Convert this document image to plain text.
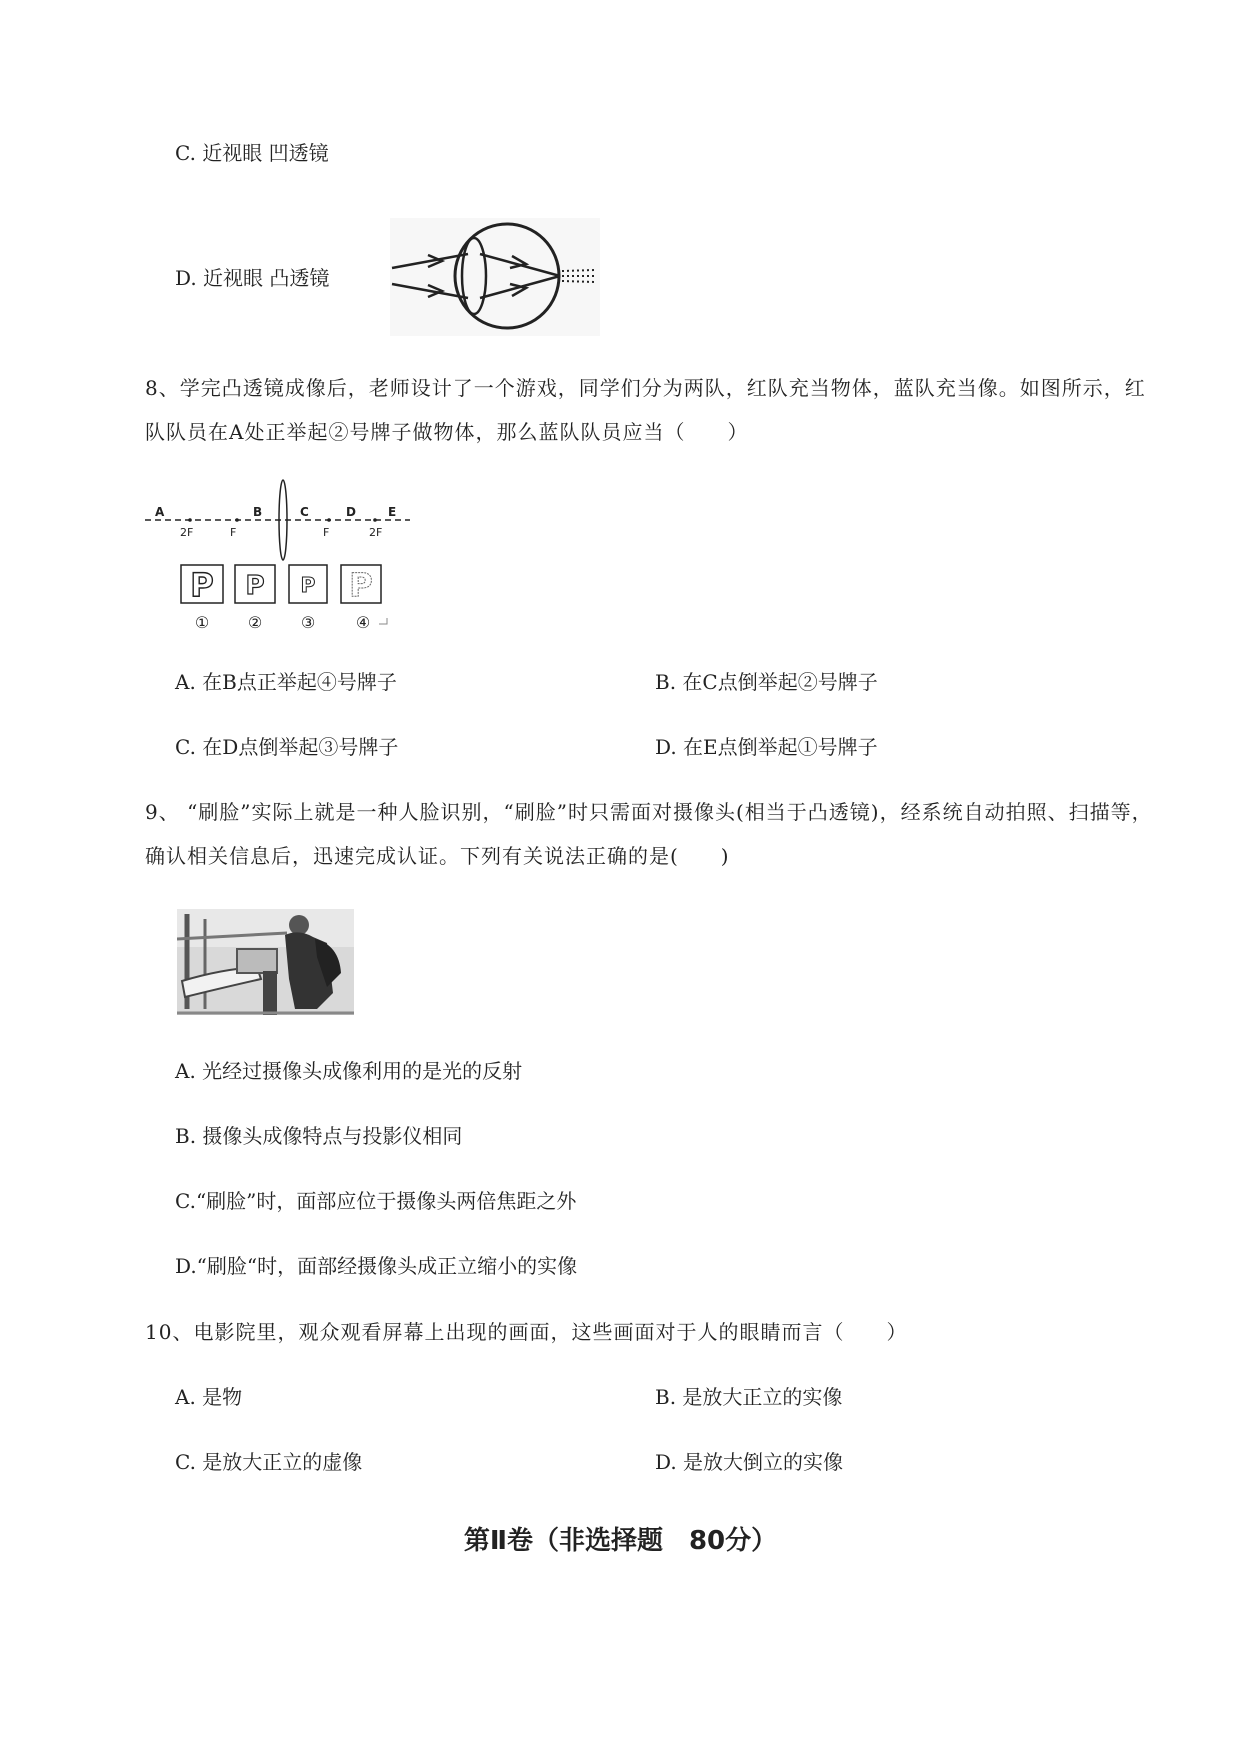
C. 近视眼 凹透镜
D. 近视眼 凸透镜
8、学完凸透镜成像后，老师设计了一个游戏，同学们分为两队，红队充当物体，蓝队充当像。如图所示，红队队员在A处正举起②号牌子做物体，那么蓝队队员应当（　　）
A	B	C	D	E
2F	F	F	2F
P P P P
① ② ③	④
A. 在B点正举起④号牌子	B. 在C点倒举起②号牌子
C. 在D点倒举起③号牌子	D. 在E点倒举起①号牌子
9、 “刷脸”实际上就是一种人脸识别，“刷脸”时只需面对摄像头(相当于凸透镜)，经系统自动拍照、扫描等，确认相关信息后，迅速完成认证。下列有关说法正确的是(　　)
A. 光经过摄像头成像利用的是光的反射
B. 摄像头成像特点与投影仪相同
C.“刷脸”时，面部应位于摄像头两倍焦距之外
D.“刷脸“时，面部经摄像头成正立缩小的实像
10、电影院里，观众观看屏幕上出现的画面，这些画面对于人的眼睛而言（　　）
A. 是物	B. 是放大正立的实像
C. 是放大正立的虚像	D. 是放大倒立的实像
第Ⅱ卷（非选择题　80分）
